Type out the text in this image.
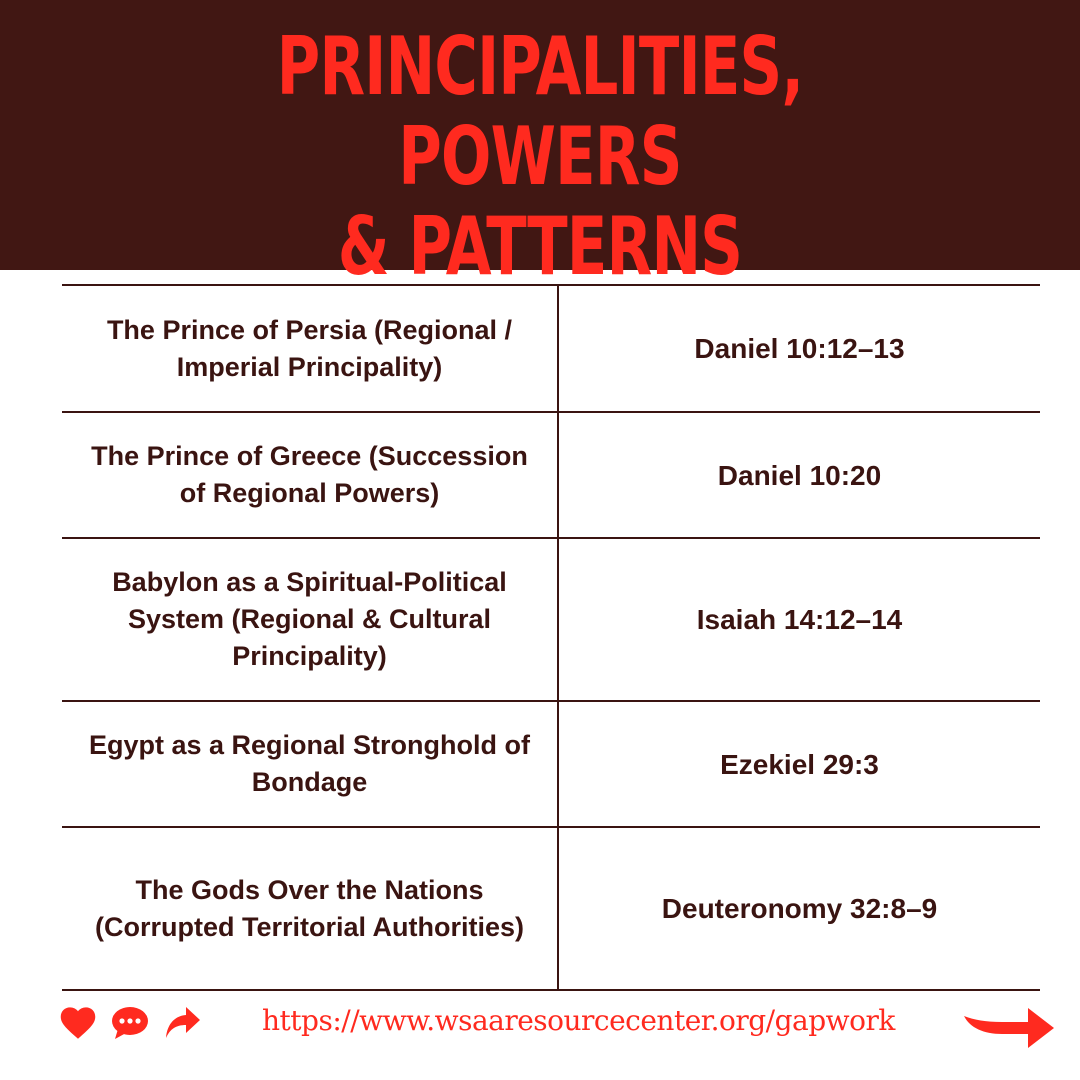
PRINCIPALITIES, POWERS
& PATTERNS
The Prince of Persia (Regional / Imperial Principality)	Daniel 10:12–13
The Prince of Greece (Succession of Regional Powers)	Daniel 10:20
Babylon as a Spiritual-Political System (Regional & Cultural Principality)	Isaiah 14:12–14
Egypt as a Regional Stronghold of Bondage	Ezekiel 29:3
The Gods Over the Nations (Corrupted Territorial Authorities)	Deuteronomy 32:8–9
https://www.wsaaresourcecenter.org/gapwork
